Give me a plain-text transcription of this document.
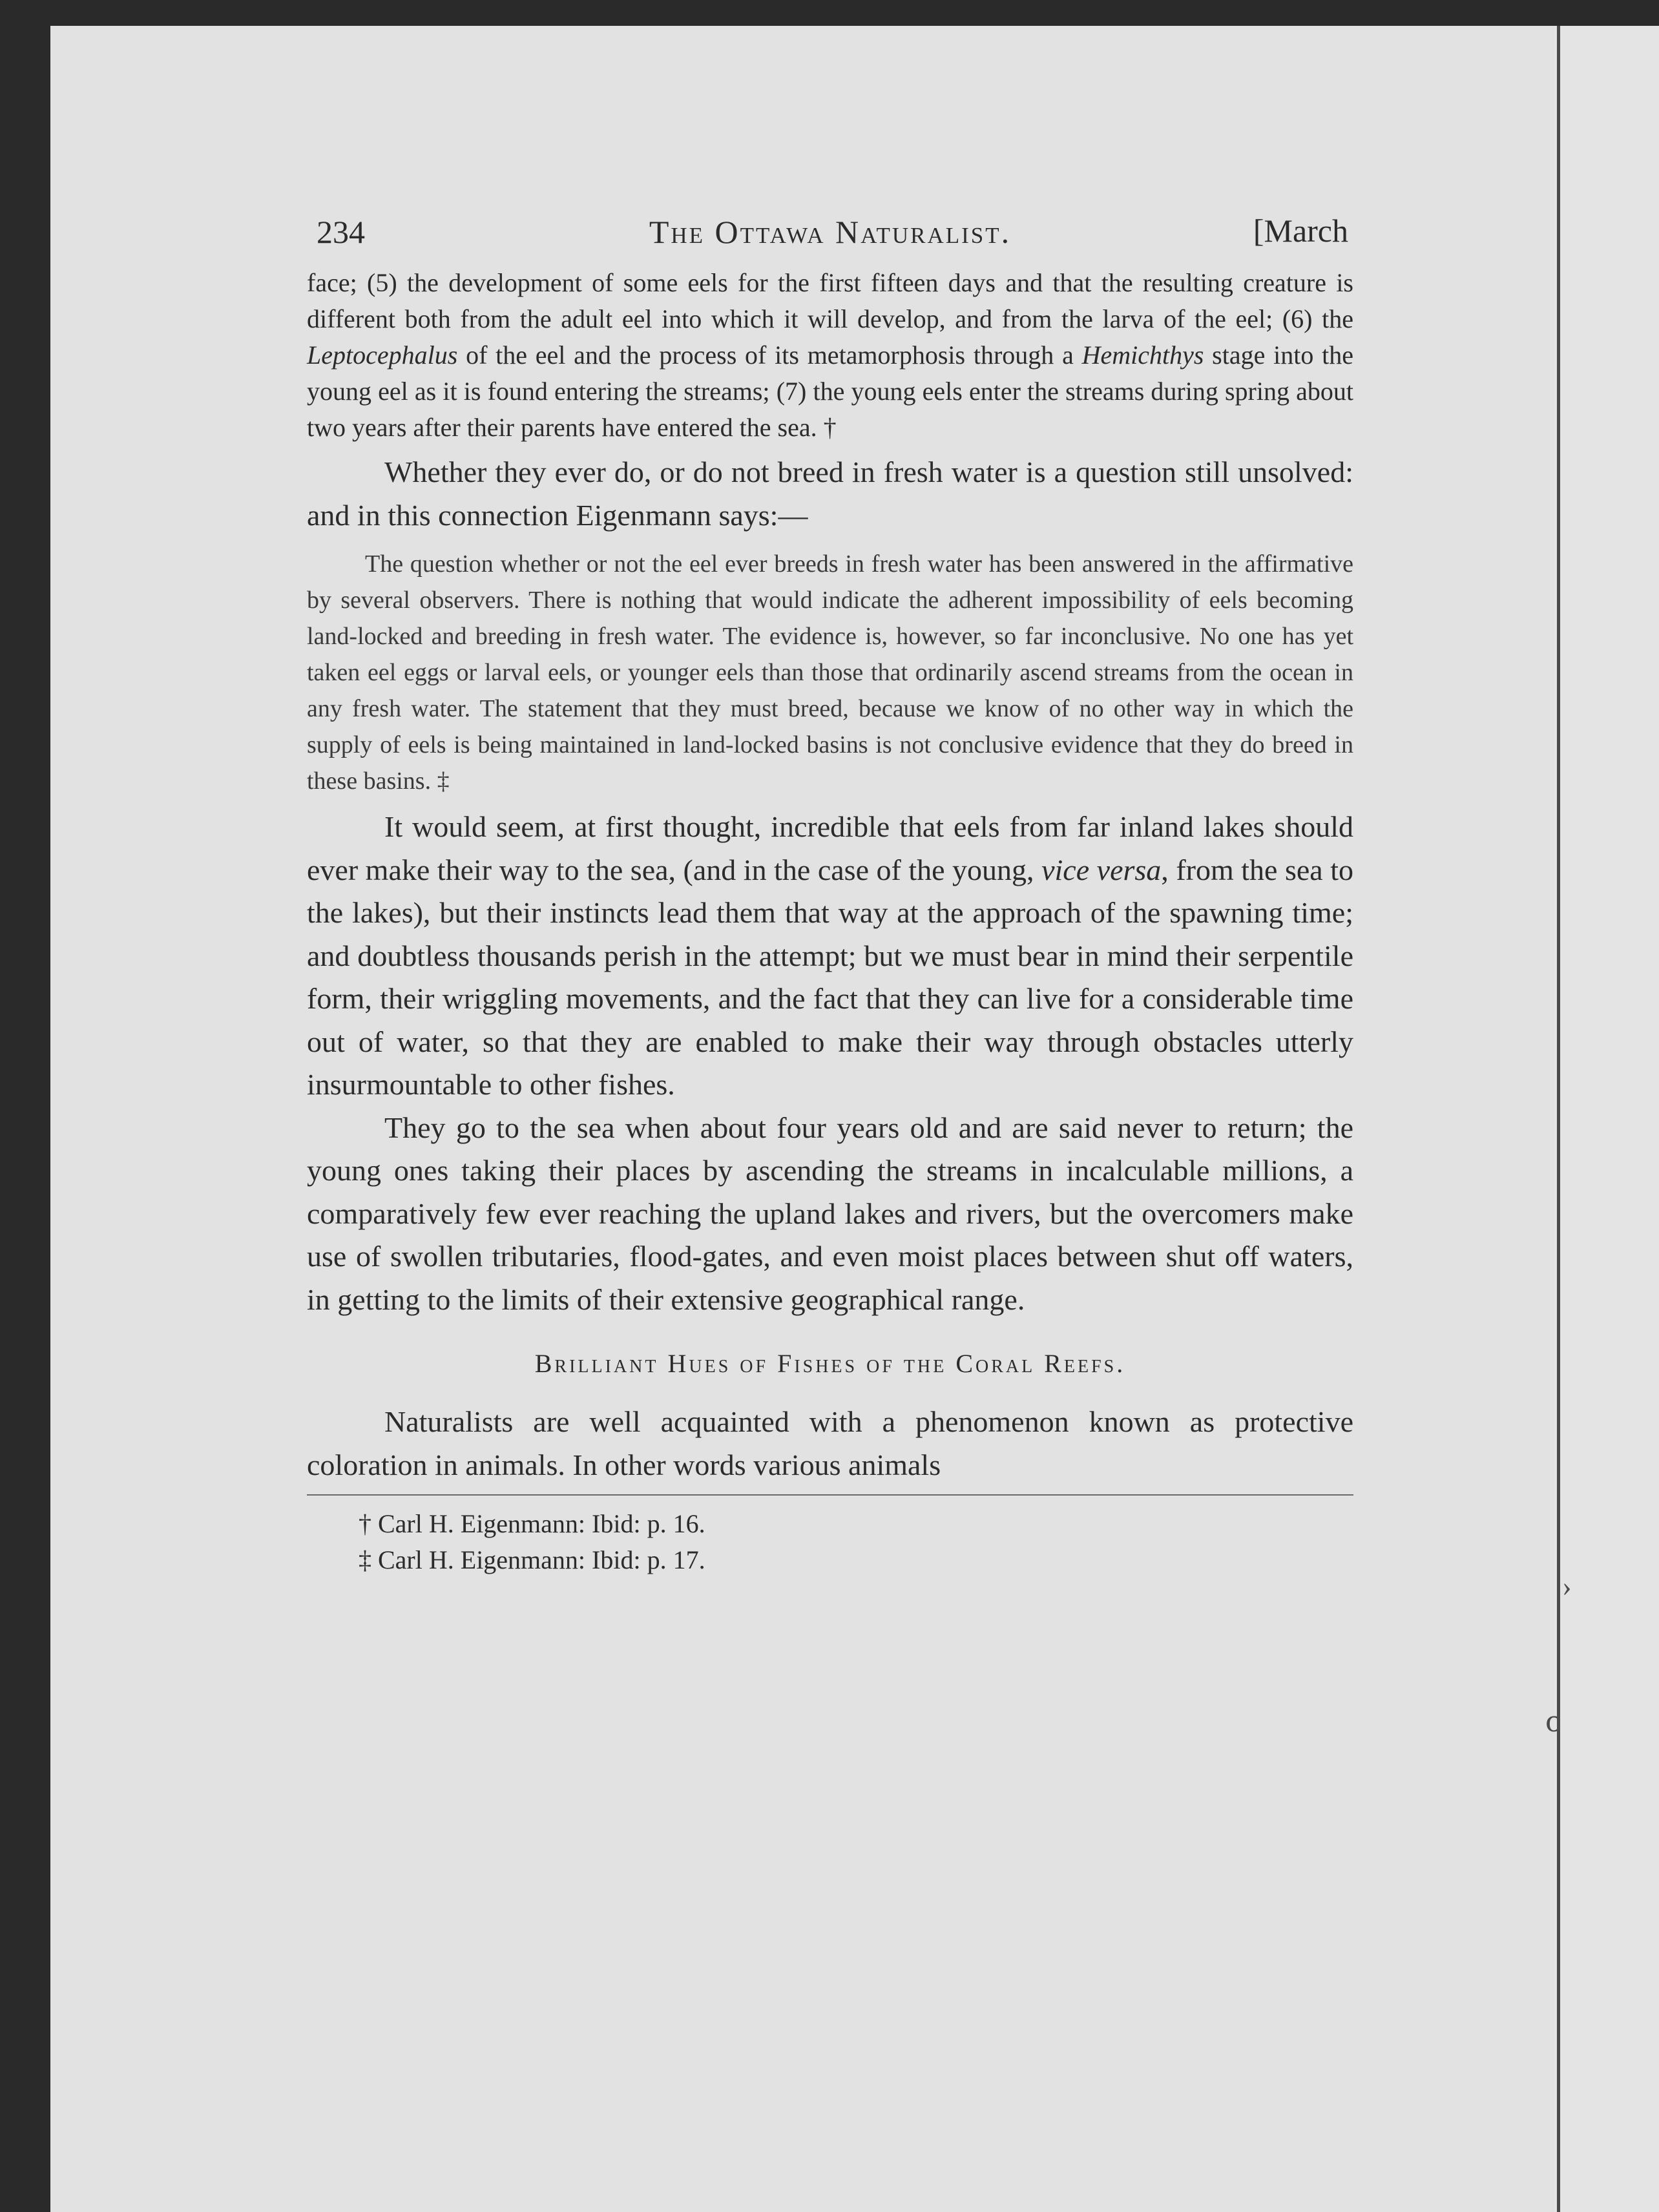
234	The Ottawa Naturalist.	[March

face; (5) the development of some eels for the first fifteen days and that the resulting creature is different both from the adult eel into which it will develop, and from the larva of the eel; (6) the Leptocephalus of the eel and the process of its metamorphosis through a Hemichthys stage into the young eel as it is found entering the streams; (7) the young eels enter the streams during spring about two years after their parents have entered the sea. †

Whether they ever do, or do not breed in fresh water is a question still unsolved: and in this connection Eigenmann says:—

The question whether or not the eel ever breeds in fresh water has been answered in the affirmative by several observers. There is nothing that would indicate the adherent impossibility of eels becoming land-locked and breeding in fresh water. The evidence is, however, so far inconclusive. No one has yet taken eel eggs or larval eels, or younger eels than those that ordinarily ascend streams from the ocean in any fresh water. The statement that they must breed, because we know of no other way in which the supply of eels is being maintained in land-locked basins is not conclusive evidence that they do breed in these basins. ‡

It would seem, at first thought, incredible that eels from far inland lakes should ever make their way to the sea, (and in the case of the young, vice versa, from the sea to the lakes), but their instincts lead them that way at the approach of the spawning time; and doubtless thousands perish in the attempt; but we must bear in mind their serpentile form, their wriggling movements, and the fact that they can live for a considerable time out of water, so that they are enabled to make their way through obstacles utterly insurmountable to other fishes.

They go to the sea when about four years old and are said never to return; the young ones taking their places by ascending the streams in incalculable millions, a comparatively few ever reaching the upland lakes and rivers, but the overcomers make use of swollen tributaries, flood-gates, and even moist places between shut off waters, in getting to the limits of their extensive geographical range.

Brilliant Hues of Fishes of the Coral Reefs.

Naturalists are well acquainted with a phenomenon known as protective coloration in animals. In other words various animals

† Carl H. Eigenmann: Ibid: p. 16.

‡ Carl H. Eigenmann: Ibid: p. 17.

›
ⅽ
